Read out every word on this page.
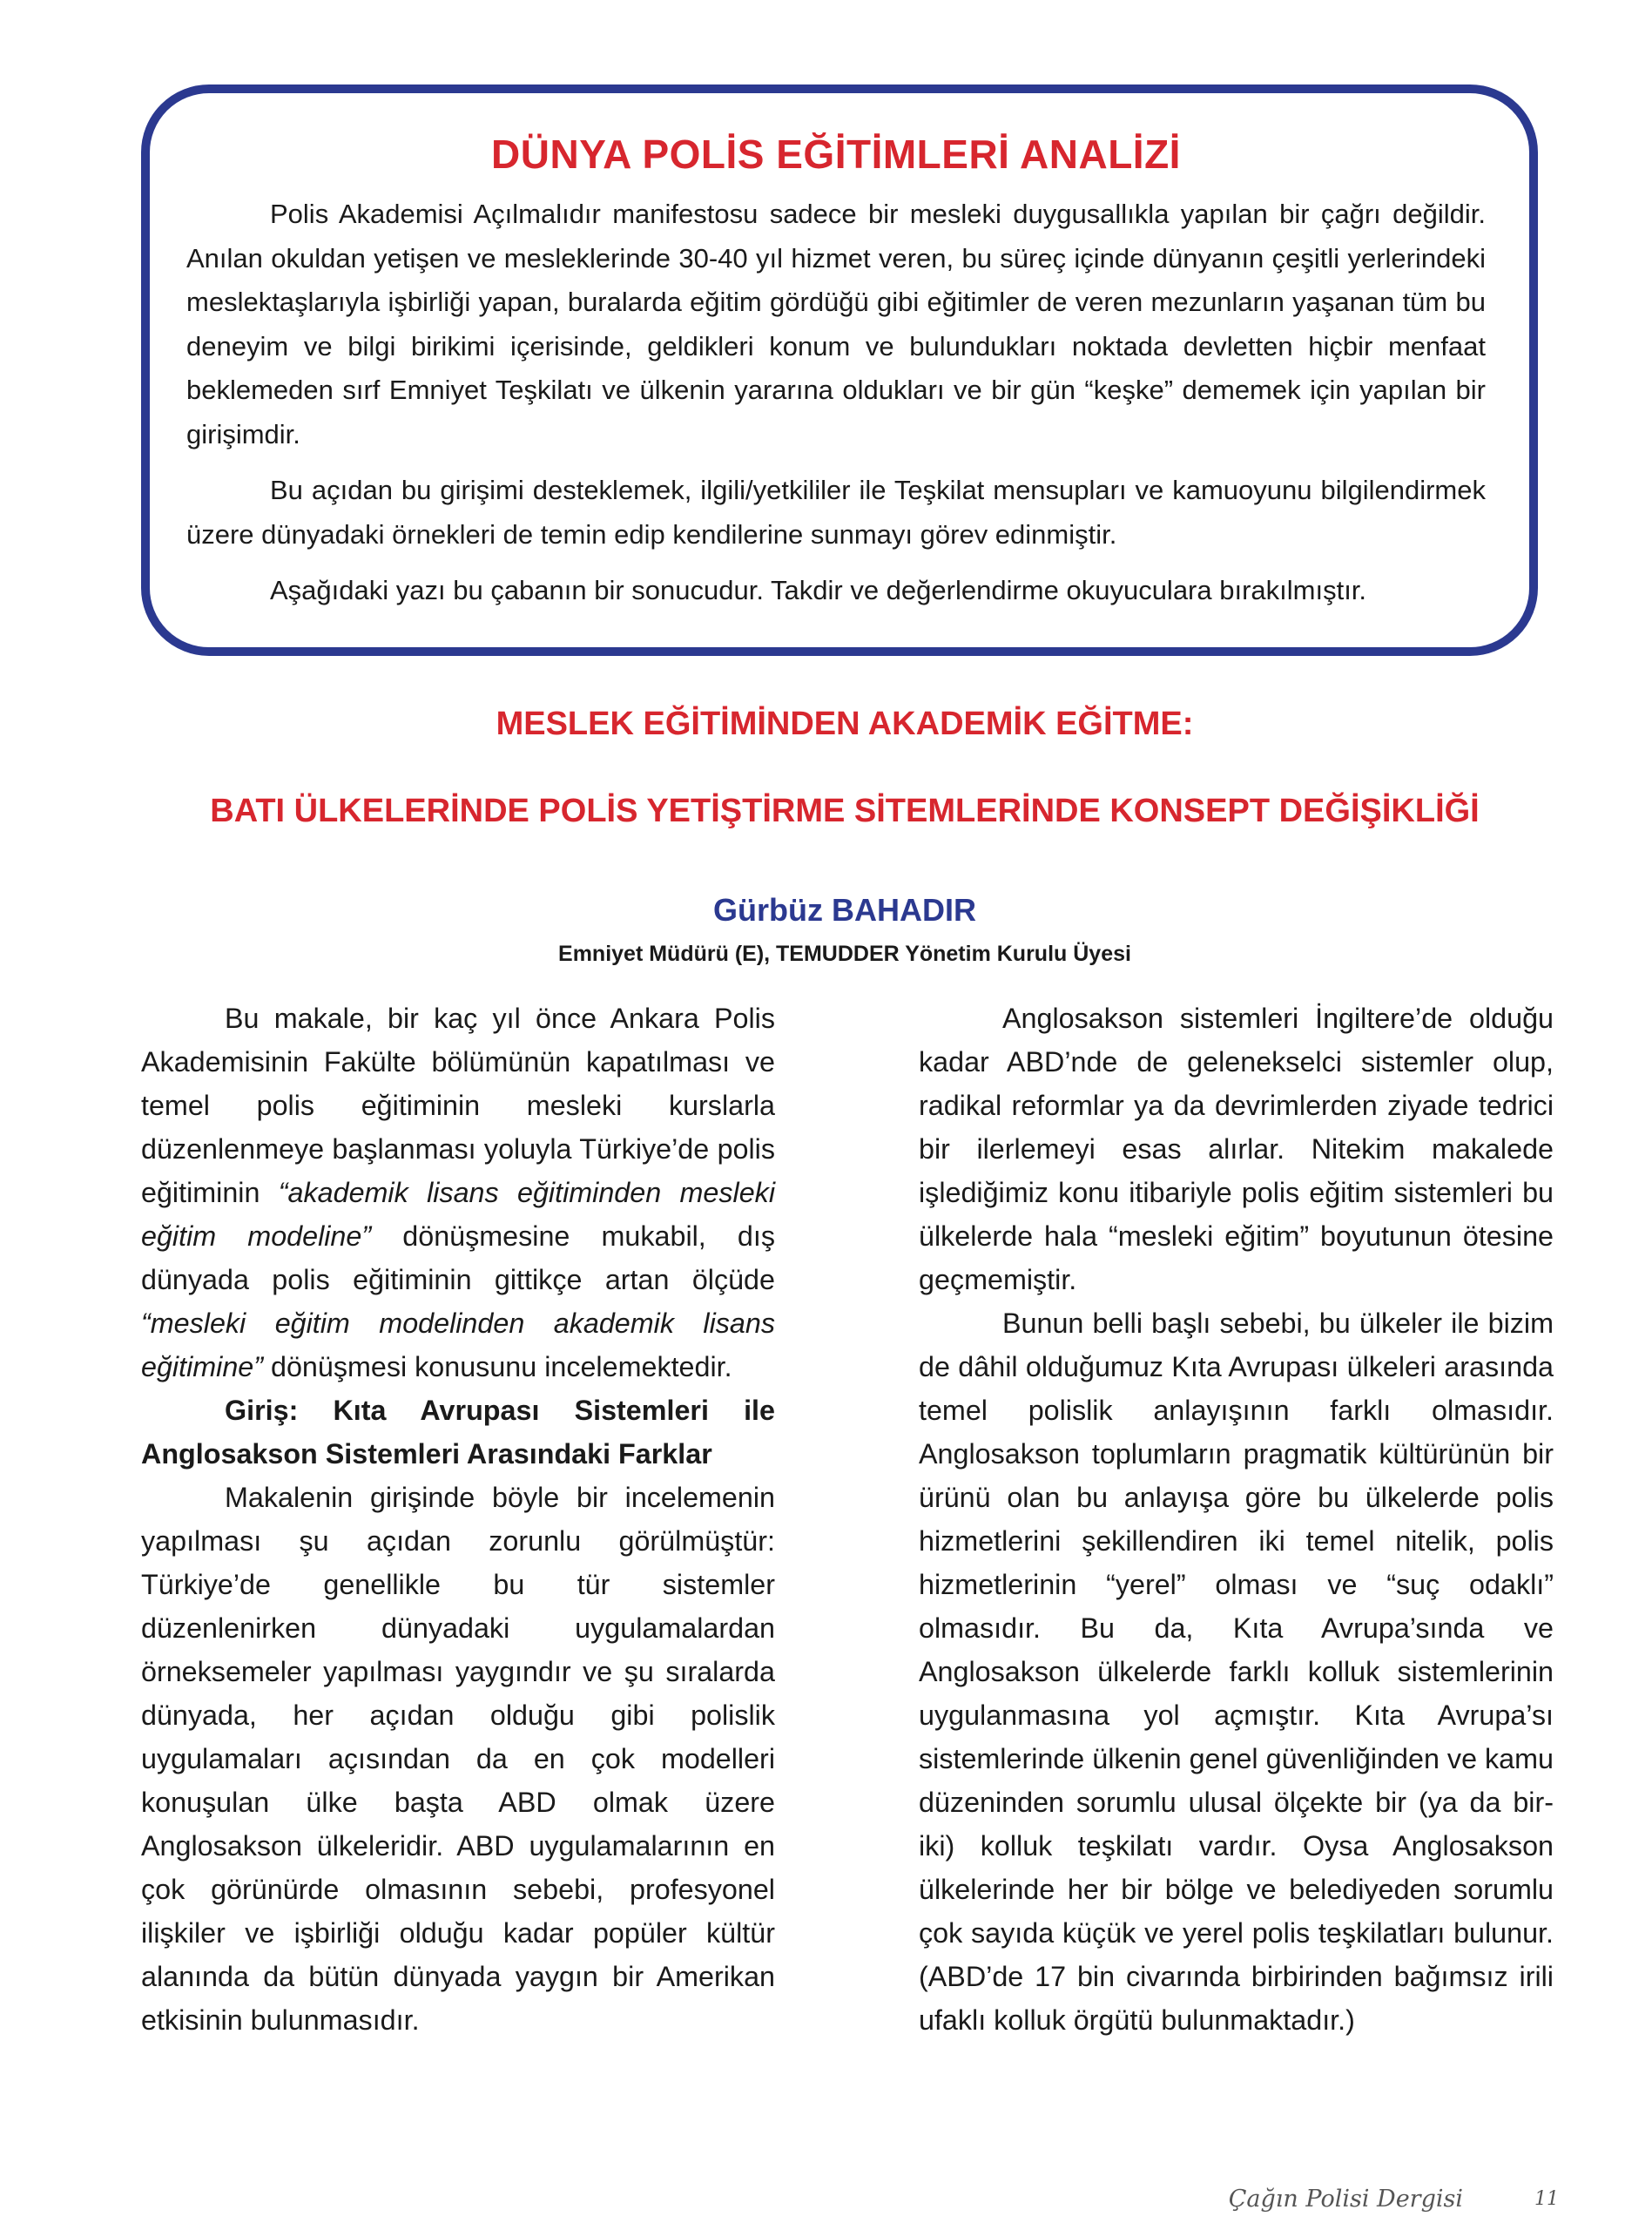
DÜNYA POLİS EĞİTİMLERİ ANALİZİ

Polis Akademisi Açılmalıdır manifestosu sadece bir mesleki duygusallıkla yapılan bir çağrı değildir. Anılan okuldan yetişen ve mesleklerinde 30-40 yıl hizmet veren, bu süreç içinde dünyanın çeşitli yerlerindeki meslektaşlarıyla işbirliği yapan, buralarda eğitim gördüğü gibi eğitimler de veren mezunların yaşanan tüm bu deneyim ve bilgi birikimi içerisinde, geldikleri konum ve bulundukları noktada devletten hiçbir menfaat beklemeden sırf Emniyet Teşkilatı ve ülkenin yararına oldukları ve bir gün “keşke” dememek için yapılan bir girişimdir.

Bu açıdan bu girişimi desteklemek, ilgili/yetkililer ile Teşkilat mensupları ve kamuoyunu bilgilendirmek üzere dünyadaki örnekleri de temin edip kendilerine sunmayı görev edinmiştir.

Aşağıdaki yazı bu çabanın bir sonucudur. Takdir ve değerlendirme okuyuculara bırakılmıştır.

MESLEK EĞİTİMİNDEN AKADEMİK EĞİTME:
BATI ÜLKELERİNDE POLİS YETİŞTİRME SİTEMLERİNDE KONSEPT DEĞİŞİKLİĞİ
Gürbüz BAHADIR
Emniyet Müdürü (E), TEMUDDER Yönetim Kurulu Üyesi

Bu makale, bir kaç yıl önce Ankara Polis Akademisinin Fakülte bölümünün kapatılması ve temel polis eğitiminin mesleki kurslarla düzenlenmeye başlanması yoluyla Türkiye’de polis eğitiminin “akademik lisans eğitiminden mesleki eğitim modeline” dönüşmesine mukabil, dış dünyada polis eğitiminin gittikçe artan ölçüde “mesleki eğitim modelinden akademik lisans eğitimine” dönüşmesi konusunu incelemektedir.

Giriş: Kıta Avrupası Sistemleri ile Anglosakson Sistemleri Arasındaki Farklar

Makalenin girişinde böyle bir incelemenin yapılması şu açıdan zorunlu görülmüştür: Türkiye’de genellikle bu tür sistemler düzenlenirken dünyadaki uygulamalardan örneksemeler yapılması yaygındır ve şu sıralarda dünyada, her açıdan olduğu gibi polislik uygulamaları açısından da en çok modelleri konuşulan ülke başta ABD olmak üzere Anglosakson ülkeleridir. ABD uygulamalarının en çok görünürde olmasının sebebi, profesyonel ilişkiler ve işbirliği olduğu kadar popüler kültür alanında da bütün dünyada yaygın bir Amerikan etkisinin bulunmasıdır.

Anglosakson sistemleri İngiltere’de olduğu kadar ABD’nde de gelenekselci sistemler olup, radikal reformlar ya da devrimlerden ziyade tedrici bir ilerlemeyi esas alırlar. Nitekim makalede işlediğimiz konu itibariyle polis eğitim sistemleri bu ülkelerde hala “mesleki eğitim” boyutunun ötesine geçmemiştir.

Bunun belli başlı sebebi, bu ülkeler ile bizim de dâhil olduğumuz Kıta Avrupası ülkeleri arasında temel polislik anlayışının farklı olmasıdır. Anglosakson toplumların pragmatik kültürünün bir ürünü olan bu anlayışa göre bu ülkelerde polis hizmetlerini şekillendiren iki temel nitelik, polis hizmetlerinin “yerel” olması ve “suç odaklı” olmasıdır. Bu da, Kıta Avrupa’sında ve Anglosakson ülkelerde farklı kolluk sistemlerinin uygulanmasına yol açmıştır. Kıta Avrupa’sı sistemlerinde ülkenin genel güvenliğinden ve kamu düzeninden sorumlu ulusal ölçekte bir (ya da bir-iki) kolluk teşkilatı vardır. Oysa Anglosakson ülkelerinde her bir bölge ve belediyeden sorumlu çok sayıda küçük ve yerel polis teşkilatları bulunur. (ABD’de 17 bin civarında birbirinden bağımsız irili ufaklı kolluk örgütü bulunmaktadır.)

Çağın Polisi Dergisi	11
